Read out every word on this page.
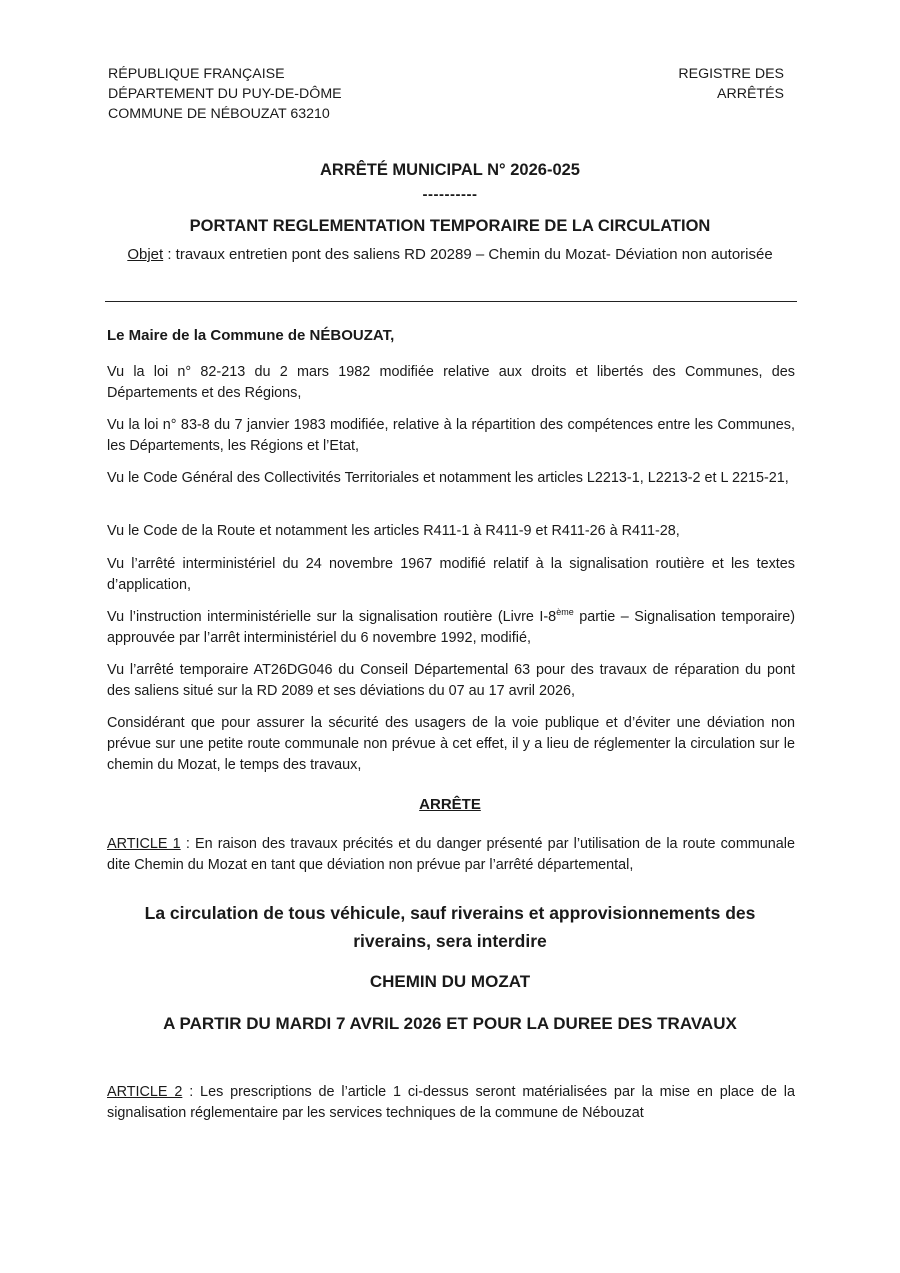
RÉPUBLIQUE FRANÇAISE
DÉPARTEMENT DU PUY-DE-DÔME
COMMUNE DE NÉBOUZAT 63210
REGISTRE DES
ARRÊTÉS
ARRÊTÉ MUNICIPAL N° 2026-025
----------
PORTANT REGLEMENTATION TEMPORAIRE DE LA CIRCULATION
Objet : travaux entretien pont des saliens RD 20289 – Chemin du Mozat- Déviation non autorisée
Le Maire de la Commune de NÉBOUZAT,

Vu la loi n° 82-213 du 2 mars 1982 modifiée relative aux droits et libertés des Communes, des Départements et des Régions,

Vu la loi n° 83-8 du 7 janvier 1983 modifiée, relative à la répartition des compétences entre les Communes, les Départements, les Régions et l’Etat,

Vu le Code Général des Collectivités Territoriales et notamment les articles L2213-1, L2213-2 et L 2215-21,

Vu le Code de la Route et notamment les articles R411-1 à R411-9 et R411-26 à R411-28,

Vu l’arrêté interministériel du 24 novembre 1967 modifié relatif à la signalisation routière et les textes d’application,

Vu l’instruction interministérielle sur la signalisation routière (Livre I-8ème partie – Signalisation temporaire) approuvée par l’arrêt interministériel du 6 novembre 1992, modifié,

Vu l’arrêté temporaire AT26DG046 du Conseil Départemental 63 pour des travaux de réparation du pont des saliens situé sur la RD 2089 et ses déviations du 07 au 17 avril 2026,

Considérant que pour assurer la sécurité des usagers de la voie publique et d’éviter une déviation non prévue sur une petite route communale non prévue à cet effet, il y a lieu de réglementer la circulation sur le chemin du Mozat, le temps des travaux,

ARRÊTE

ARTICLE 1 : En raison des travaux précités et du danger présenté par l’utilisation de la route communale dite Chemin du Mozat en tant que déviation non prévue par l’arrêté départemental,

La circulation de tous véhicule, sauf riverains et approvisionnements des
riverains, sera interdire
CHEMIN DU MOZAT
A PARTIR DU MARDI 7 AVRIL 2026 ET POUR LA DUREE DES TRAVAUX

ARTICLE 2 : Les prescriptions de l’article 1 ci-dessus seront matérialisées par la mise en place de la signalisation réglementaire par les services techniques de la commune de Nébouzat
